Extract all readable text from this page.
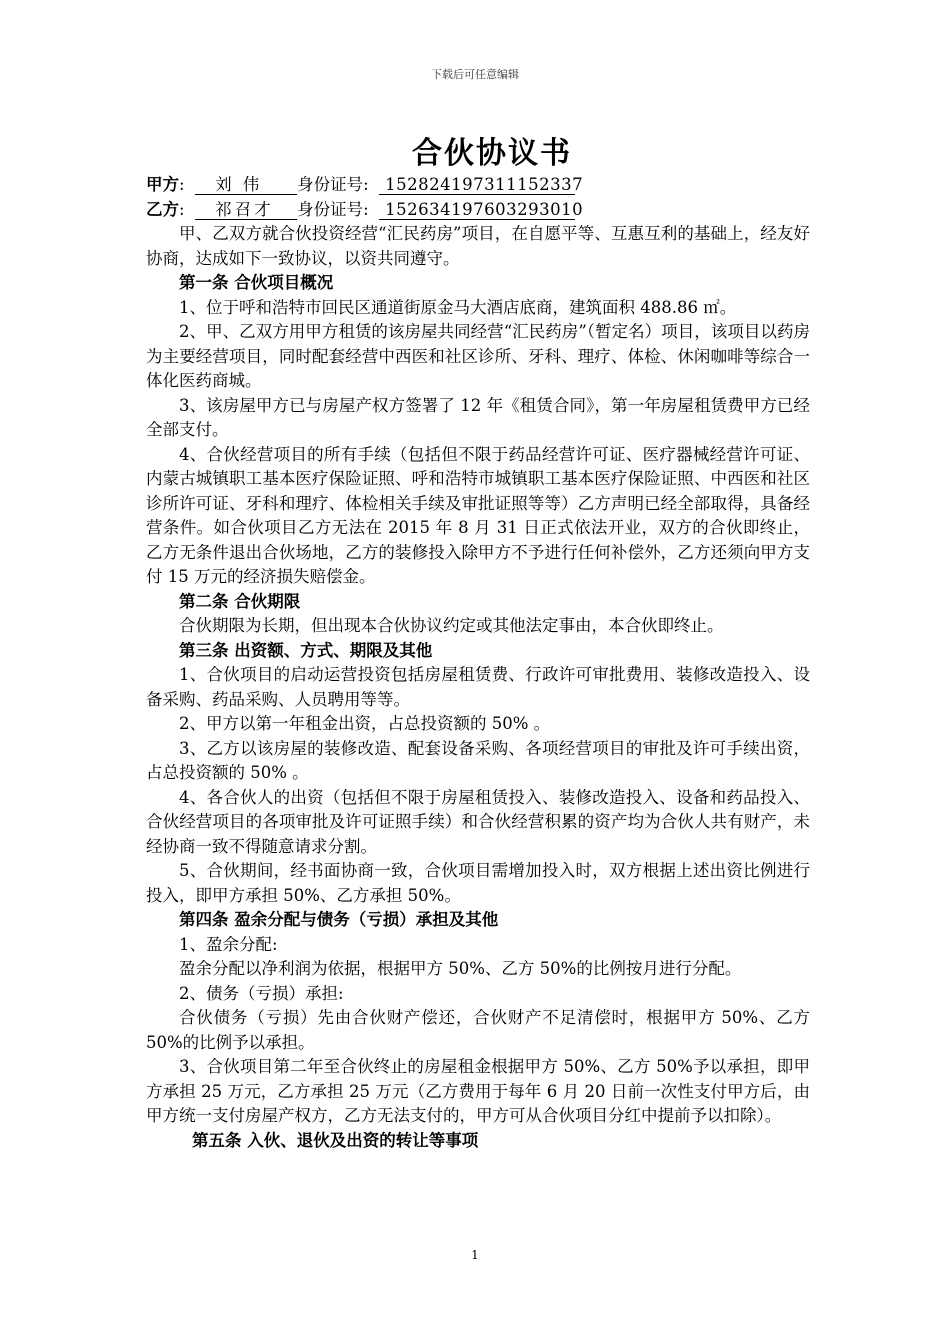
下载后可任意编辑
合伙协议书
甲方:  刘 伟 身份证号: 152824197311152337
乙方:  祁召才 身份证号: 152634197603293010

甲、乙双方就合伙投资经营“汇民药房”项目，在自愿平等、互惠互利的基础上，经友好协商，达成如下一致协议，以资共同遵守。

第一条 合伙项目概况

1、位于呼和浩特市回民区通道街原金马大酒店底商，建筑面积 488.86 ㎡。

2、甲、乙双方用甲方租赁的该房屋共同经营“汇民药房”（暂定名）项目，该项目以药房为主要经营项目，同时配套经营中西医和社区诊所、牙科、理疗、体检、休闲咖啡等综合一体化医药商城。

3、该房屋甲方已与房屋产权方签署了 12 年《租赁合同》，第一年房屋租赁费甲方已经全部支付。

4、合伙经营项目的所有手续（包括但不限于药品经营许可证、医疗器械经营许可证、内蒙古城镇职工基本医疗保险证照、呼和浩特市城镇职工基本医疗保险证照、中西医和社区诊所许可证、牙科和理疗、体检相关手续及审批证照等等）乙方声明已经全部取得，具备经营条件。如合伙项目乙方无法在 2015 年 8 月 31 日正式依法开业，双方的合伙即终止，乙方无条件退出合伙场地，乙方的装修投入除甲方不予进行任何补偿外，乙方还须向甲方支付 15 万元的经济损失赔偿金。

第二条 合伙期限

合伙期限为长期，但出现本合伙协议约定或其他法定事由，本合伙即终止。

第三条 出资额、方式、期限及其他

1、合伙项目的启动运营投资包括房屋租赁费、行政许可审批费用、装修改造投入、设备采购、药品采购、人员聘用等等。

2、甲方以第一年租金出资，占总投资额的 50% 。

3、乙方以该房屋的装修改造、配套设备采购、各项经营项目的审批及许可手续出资，占总投资额的 50% 。

4、各合伙人的出资（包括但不限于房屋租赁投入、装修改造投入、设备和药品投入、合伙经营项目的各项审批及许可证照手续）和合伙经营积累的资产均为合伙人共有财产，未经协商一致不得随意请求分割。

5、合伙期间，经书面协商一致，合伙项目需增加投入时，双方根据上述出资比例进行投入，即甲方承担 50%、乙方承担 50%。

第四条 盈余分配与债务（亏损）承担及其他

1、盈余分配:

盈余分配以净利润为依据，根据甲方 50%、乙方 50%的比例按月进行分配。

2、债务（亏损）承担:

合伙债务（亏损）先由合伙财产偿还，合伙财产不足清偿时，根据甲方 50%、乙方 50%的比例予以承担。

3、合伙项目第二年至合伙终止的房屋租金根据甲方 50%、乙方 50%予以承担，即甲方承担 25 万元，乙方承担 25 万元（乙方费用于每年 6 月 20 日前一次性支付甲方后，由甲方统一支付房屋产权方，乙方无法支付的，甲方可从合伙项目分红中提前予以扣除）。

第五条 入伙、退伙及出资的转让等事项
1
